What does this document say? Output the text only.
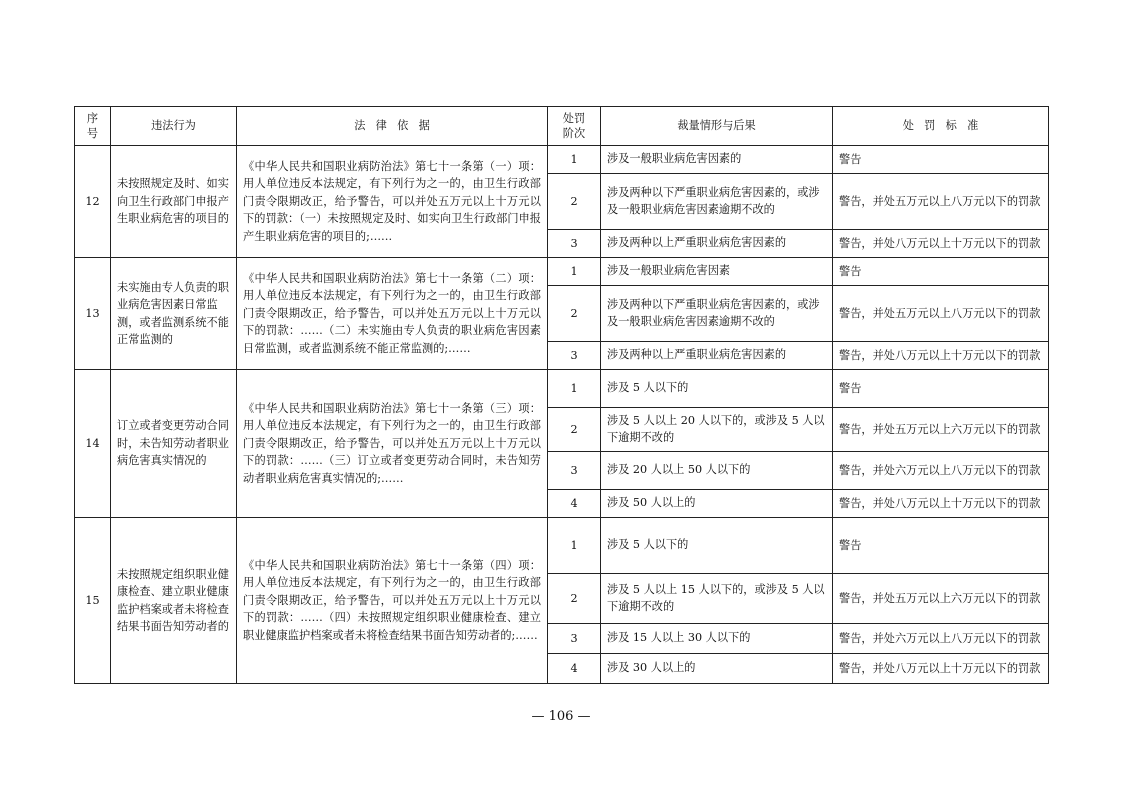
序号	违法行为	法 律 依 据	处罚阶次	裁量情形与后果	处 罚 标 准
12	未按照规定及时、如实向卫生行政部门申报产生职业病危害的项目的	《中华人民共和国职业病防治法》第七十一条第（一）项：用人单位违反本法规定，有下列行为之一的，由卫生行政部门责令限期改正，给予警告，可以并处五万元以上十万元以下的罚款：（一）未按照规定及时、如实向卫生行政部门申报产生职业病危害的项目的;……	1	涉及一般职业病危害因素的	警告
			2	涉及两种以下严重职业病危害因素的，或涉及一般职业病危害因素逾期不改的	警告，并处五万元以上八万元以下的罚款
			3	涉及两种以上严重职业病危害因素的	警告，并处八万元以上十万元以下的罚款
13	未实施由专人负责的职业病危害因素日常监测，或者监测系统不能正常监测的	《中华人民共和国职业病防治法》第七十一条第（二）项：用人单位违反本法规定，有下列行为之一的，由卫生行政部门责令限期改正，给予警告，可以并处五万元以上十万元以下的罚款：……（二）未实施由专人负责的职业病危害因素日常监测，或者监测系统不能正常监测的;……	1	涉及一般职业病危害因素	警告
			2	涉及两种以下严重职业病危害因素的，或涉及一般职业病危害因素逾期不改的	警告，并处五万元以上八万元以下的罚款
			3	涉及两种以上严重职业病危害因素的	警告，并处八万元以上十万元以下的罚款
14	订立或者变更劳动合同时，未告知劳动者职业病危害真实情况的	《中华人民共和国职业病防治法》第七十一条第（三）项：用人单位违反本法规定，有下列行为之一的，由卫生行政部门责令限期改正，给予警告，可以并处五万元以上十万元以下的罚款：……（三）订立或者变更劳动合同时，未告知劳动者职业病危害真实情况的;……	1	涉及 5 人以下的	警告
			2	涉及 5 人以上 20 人以下的，或涉及 5 人以下逾期不改的	警告，并处五万元以上六万元以下的罚款
			3	涉及 20 人以上 50 人以下的	警告，并处六万元以上八万元以下的罚款
			4	涉及 50 人以上的	警告，并处八万元以上十万元以下的罚款
15	未按照规定组织职业健康检查、建立职业健康监护档案或者未将检查结果书面告知劳动者的	《中华人民共和国职业病防治法》第七十一条第（四）项：用人单位违反本法规定，有下列行为之一的，由卫生行政部门责令限期改正，给予警告，可以并处五万元以上十万元以下的罚款：……（四）未按照规定组织职业健康检查、建立职业健康监护档案或者未将检查结果书面告知劳动者的;……	1	涉及 5 人以下的	警告
			2	涉及 5 人以上 15 人以下的，或涉及 5 人以下逾期不改的	警告，并处五万元以上六万元以下的罚款
			3	涉及 15 人以上 30 人以下的	警告，并处六万元以上八万元以下的罚款
			4	涉及 30 人以上的	警告，并处八万元以上十万元以下的罚款
— 106 —
